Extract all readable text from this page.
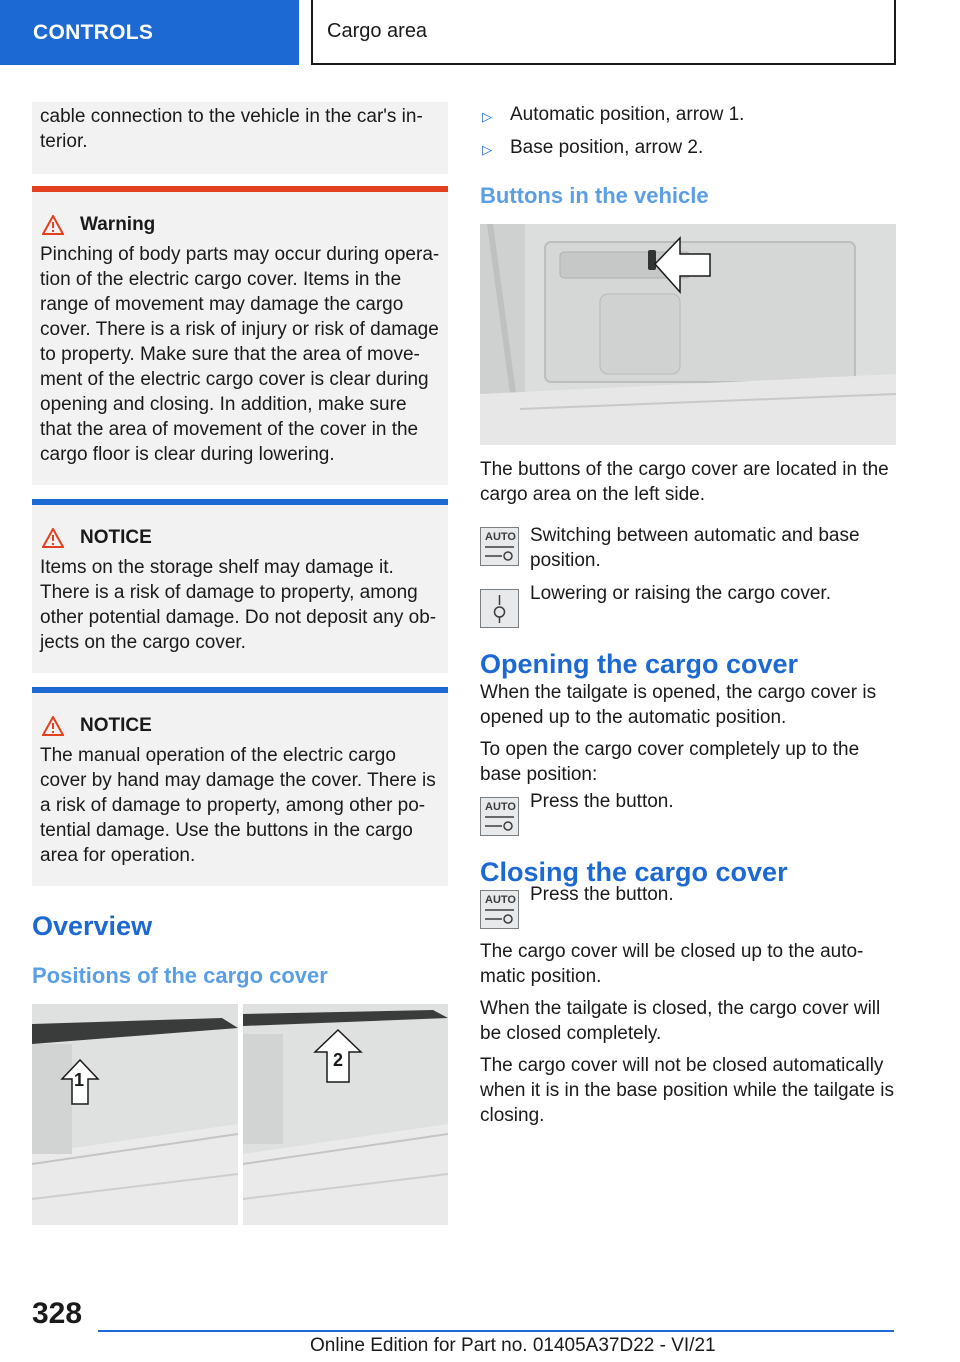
CONTROLS	Cargo area

cable connection to the vehicle in the car's in-terior.

Warning

Pinching of body parts may occur during opera-tion of the electric cargo cover. Items in the range of movement may damage the cargo cover. There is a risk of injury or risk of damage to property. Make sure that the area of move-ment of the electric cargo cover is clear during opening and closing. In addition, make sure that the area of movement of the cover in the cargo floor is clear during lowering.

NOTICE

Items on the storage shelf may damage it. There is a risk of damage to property, among other potential damage. Do not deposit any ob-jects on the cargo cover.

NOTICE

The manual operation of the electric cargo cover by hand may damage the cover. There is a risk of damage to property, among other po-tential damage. Use the buttons in the cargo area for operation.

Overview
Positions of the cargo cover
1
2
▷ Automatic position, arrow 1.
▷ Base position, arrow 2.
Buttons in the vehicle

The buttons of the cargo cover are located in the cargo area on the left side.

AUTO Switching between automatic and base position.

Lowering or raising the cargo cover.

Opening the cargo cover

When the tailgate is opened, the cargo cover is opened up to the automatic position.

To open the cargo cover completely up to the base position:

AUTO Press the button.

Closing the cargo cover
AUTO Press the button.

The cargo cover will be closed up to the auto-matic position.

When the tailgate is closed, the cargo cover will be closed completely.

The cargo cover will not be closed automatically when it is in the base position while the tailgate is closing.

328
Online Edition for Part no. 01405A37D22 - VI/21
